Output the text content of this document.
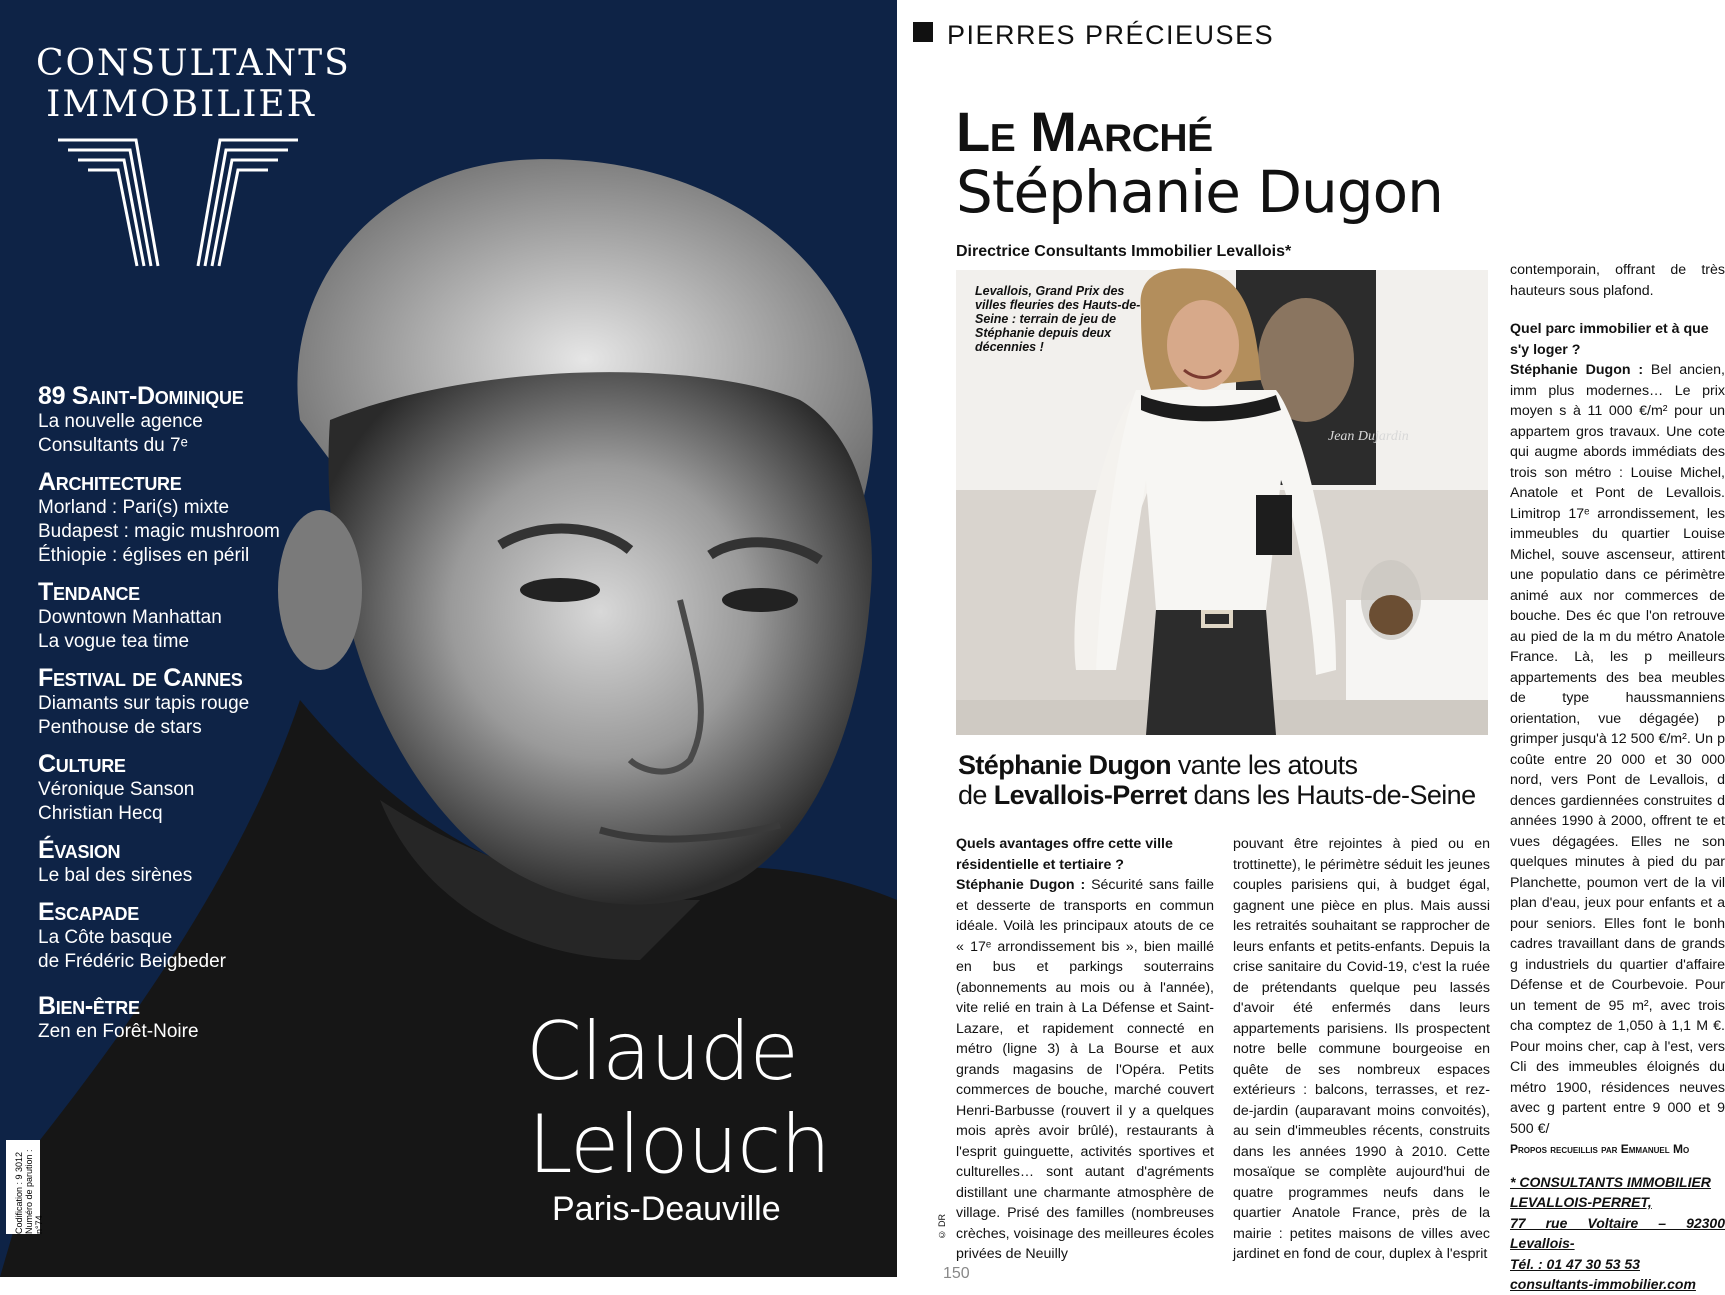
CONSULTANTS
IMMOBILIER
89 Saint-Dominique
La nouvelle agence
Consultants du 7ᵉ
Architecture
Morland : Pari(s) mixte
Budapest : magic mushroom
Éthiopie : églises en péril
Tendance
Downtown Manhattan
La vogue tea time
Festival de Cannes
Diamants sur tapis rouge
Penthouse de stars
Culture
Véronique Sanson
Christian Hecq
Évasion
Le bal des sirènes
Escapade
La Côte basque
de Frédéric Beigbeder
Bien-être
Zen en Forêt-Noire	Claude
Lelouch
Paris-Deauville
Codification : 9 3012 Numéro de parution : n°74
PIERRES PRÉCIEUSES
Le Marché
Stéphanie Dugon
Directrice Consultants Immobilier Levallois*
Jean Dujardin
Levallois, Grand Prix des villes fleuries des Hauts-de-Seine : terrain de jeu de Stéphanie depuis deux décennies !
Stéphanie Dugon vante les atouts
de Levallois-Perret dans les Hauts-de-Seine
Quels avantages offre cette ville résidentielle et tertiaire ?
Stéphanie Dugon : Sécurité sans faille et desserte de transports en commun idéale. Voilà les principaux atouts de ce « 17ᵉ arrondissement bis », bien maillé en bus et parkings souterrains (abonnements au mois ou à l'année), vite relié en train à La Défense et Saint-Lazare, et rapidement connecté en métro (ligne 3) à La Bourse et aux grands magasins de l'Opéra. Petits commerces de bouche, marché couvert Henri-Barbusse (rouvert il y a quelques mois après avoir brûlé), restaurants à l'esprit guinguette, activités sportives et culturelles… sont autant d'agréments distillant une charmante atmosphère de village. Prisé des familles (nombreuses crèches, voisinage des meilleures écoles privées de Neuilly
pouvant être rejointes à pied ou en trottinette), le périmètre séduit les jeunes couples parisiens qui, à budget égal, gagnent une pièce en plus. Mais aussi les retraités souhaitant se rapprocher de leurs enfants et petits-enfants. Depuis la crise sanitaire du Covid-19, c'est la ruée de prétendants quelque peu lassés d'avoir été enfermés dans leurs appartements parisiens. Ils prospectent notre belle commune bourgeoise en quête de ses nombreux espaces extérieurs : balcons, terrasses, et rez-de-jardin (auparavant moins convoités), au sein d'immeubles récents, construits dans les années 1990 à 2010. Cette mosaïque se complète aujourd'hui de quatre programmes neufs dans le quartier Anatole France, près de la mairie : petites maisons de villes avec jardinet en fond de cour, duplex à l'esprit
contemporain, offrant de très hauteurs sous plafond.
Quel parc immobilier et à que s'y loger ?
Stéphanie Dugon : Bel ancien, imm plus modernes… Le prix moyen s à 11 000 €/m² pour un appartem gros travaux. Une cote qui augme abords immédiats des trois son métro : Louise Michel, Anatole et Pont de Levallois. Limitrop 17ᵉ arrondissement, les immeubles du quartier Louise Michel, souve ascenseur, attirent une populatio dans ce périmètre animé aux nor commerces de bouche. Des éc que l'on retrouve au pied de la m du métro Anatole France. Là, les p meilleurs appartements des bea meubles de type haussmanniens orientation, vue dégagée) p grimper jusqu'à 12 500 €/m². Un p coûte entre 20 000 et 30 000 nord, vers Pont de Levallois, d dences gardiennées construites d années 1990 à 2000, offrent te et vues dégagées. Elles ne son quelques minutes à pied du par Planchette, poumon vert de la vil plan d'eau, jeux pour enfants et a pour seniors. Elles font le bonh cadres travaillant dans de grands g industriels du quartier d'affaire Défense et de Courbevoie. Pour un tement de 95 m², avec trois cha comptez de 1,050 à 1,1 M €. Pour moins cher, cap à l'est, vers Cli des immeubles éloignés du métro 1900, résidences neuves avec g partent entre 9 000 et 9 500 €/
Propos recueillis par Emmanuel Mo
* CONSULTANTS IMMOBILIER
LEVALLOIS-PERRET,
77 rue Voltaire – 92300 Levallois-
Tél. : 01 47 30 53 53
consultants-immobilier.com
© DR
150
